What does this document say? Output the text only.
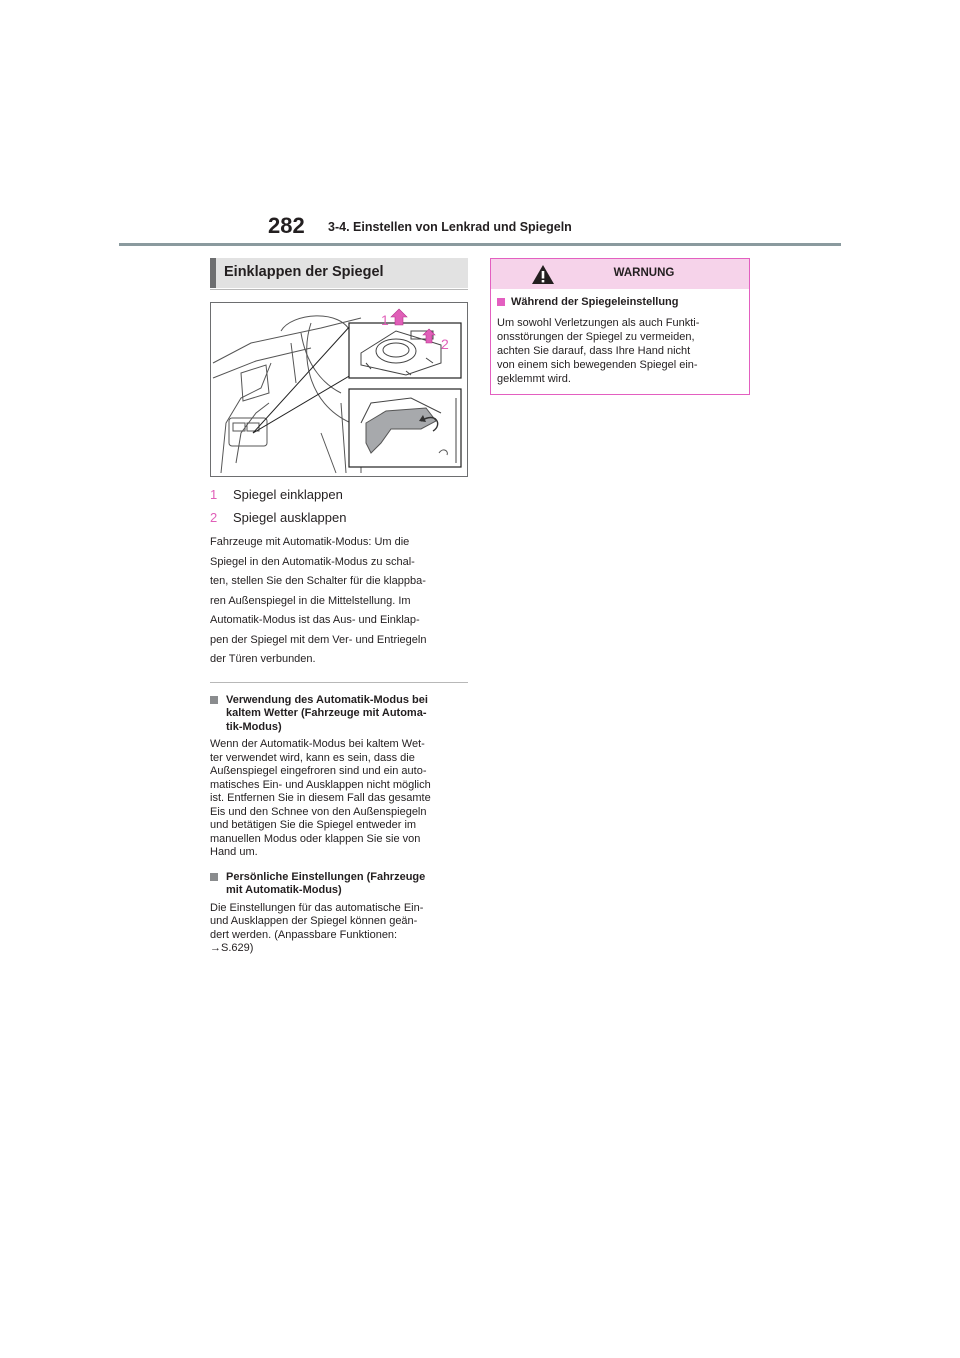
282 3-4. Einstellen von Lenkrad und Spiegeln
Einklappen der Spiegel
1
2
1	Spiegel einklappen
2	Spiegel ausklappen
Fahrzeuge mit Automatik-Modus: Um die
Spiegel in den Automatik-Modus zu schal-
ten, stellen Sie den Schalter für die klappba-
ren Außenspiegel in die Mittelstellung. Im
Automatik-Modus ist das Aus- und Einklap-
pen der Spiegel mit dem Ver- und Entriegeln
der Türen verbunden.
Verwendung des Automatik-Modus bei
kaltem Wetter (Fahrzeuge mit Automa-
tik-Modus)
Wenn der Automatik-Modus bei kaltem Wet-
ter verwendet wird, kann es sein, dass die
Außenspiegel eingefroren sind und ein auto-
matisches Ein- und Ausklappen nicht möglich
ist. Entfernen Sie in diesem Fall das gesamte
Eis und den Schnee von den Außenspiegeln
und betätigen Sie die Spiegel entweder im
manuellen Modus oder klappen Sie sie von
Hand um.
Persönliche Einstellungen (Fahrzeuge
mit Automatik-Modus)
Die Einstellungen für das automatische Ein-
und Ausklappen der Spiegel können geän-
dert werden. (Anpassbare Funktionen:
→S.629)
WARNUNG
Während der Spiegeleinstellung
Um sowohl Verletzungen als auch Funkti-
onsstörungen der Spiegel zu vermeiden,
achten Sie darauf, dass Ihre Hand nicht
von einem sich bewegenden Spiegel ein-
geklemmt wird.
